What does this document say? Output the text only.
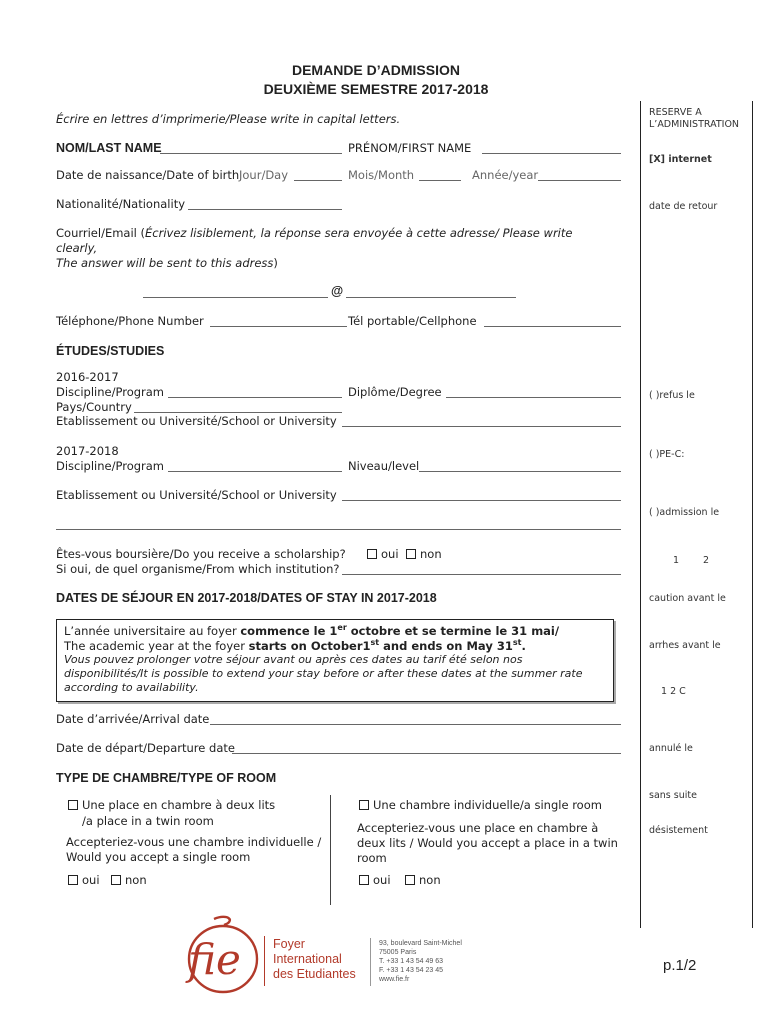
DEMANDE D’ADMISSION
DEUXIÈME SEMESTRE 2017-2018
Écrire en lettres d’imprimerie/Please write in capital letters.
NOM/LAST NAME	PRÉNOM/FIRST NAME
Date de naissance/Date of birth Jour/Day	Mois/Month	Année/year
Nationalité/Nationality
Courriel/Email (Écrivez lisiblement, la réponse sera envoyée à cette adresse/ Please write
clearly,
The answer will be sent to this adress)
@
Téléphone/Phone Number	Tél portable/Cellphone
ÉTUDES/STUDIES
2016-2017
Discipline/Program	Diplôme/Degree
Pays/Country
Etablissement ou Université/School or University
2017-2018
Discipline/Program	Niveau/level
Etablissement ou Université/School or University
Êtes-vous boursière/Do you receive a scholarship?	oui	non
Si oui, de quel organisme/From which institution?
DATES DE SÉJOUR EN 2017-2018/DATES OF STAY IN 2017-2018
L’année universitaire au foyer commence le 1er octobre et se termine le 31 mai/
The academic year at the foyer starts on October1st and ends on May 31st.
Vous pouvez prolonger votre séjour avant ou après ces dates au tarif été selon nos
disponibilités/It is possible to extend your stay before or after these dates at the summer rate
according to availability.
Date d’arrivée/Arrival date
Date de départ/Departure date
TYPE DE CHAMBRE/TYPE OF ROOM
Une place en chambre à deux lits
/a place in a twin room
Accepteriez-vous une chambre individuelle /
Would you accept a single room
oui	non
Une chambre individuelle/a single room
Accepteriez-vous une place en chambre à
deux lits / Would you accept a place in a twin
room
oui	non
RESERVE A
L’ADMINISTRATION
[X] internet
date de retour
( )refus le
( )PE-C:
( )admission le
1	2
caution avant le
arrhes avant le
1 2 C
annulé le
sans suite
désistement
fie	Foyer
International
des Etudiantes
93, boulevard Saint-Michel
75005 Paris
T. +33 1 43 54 49 63
F. +33 1 43 54 23 45
www.fie.fr
p.1/2
